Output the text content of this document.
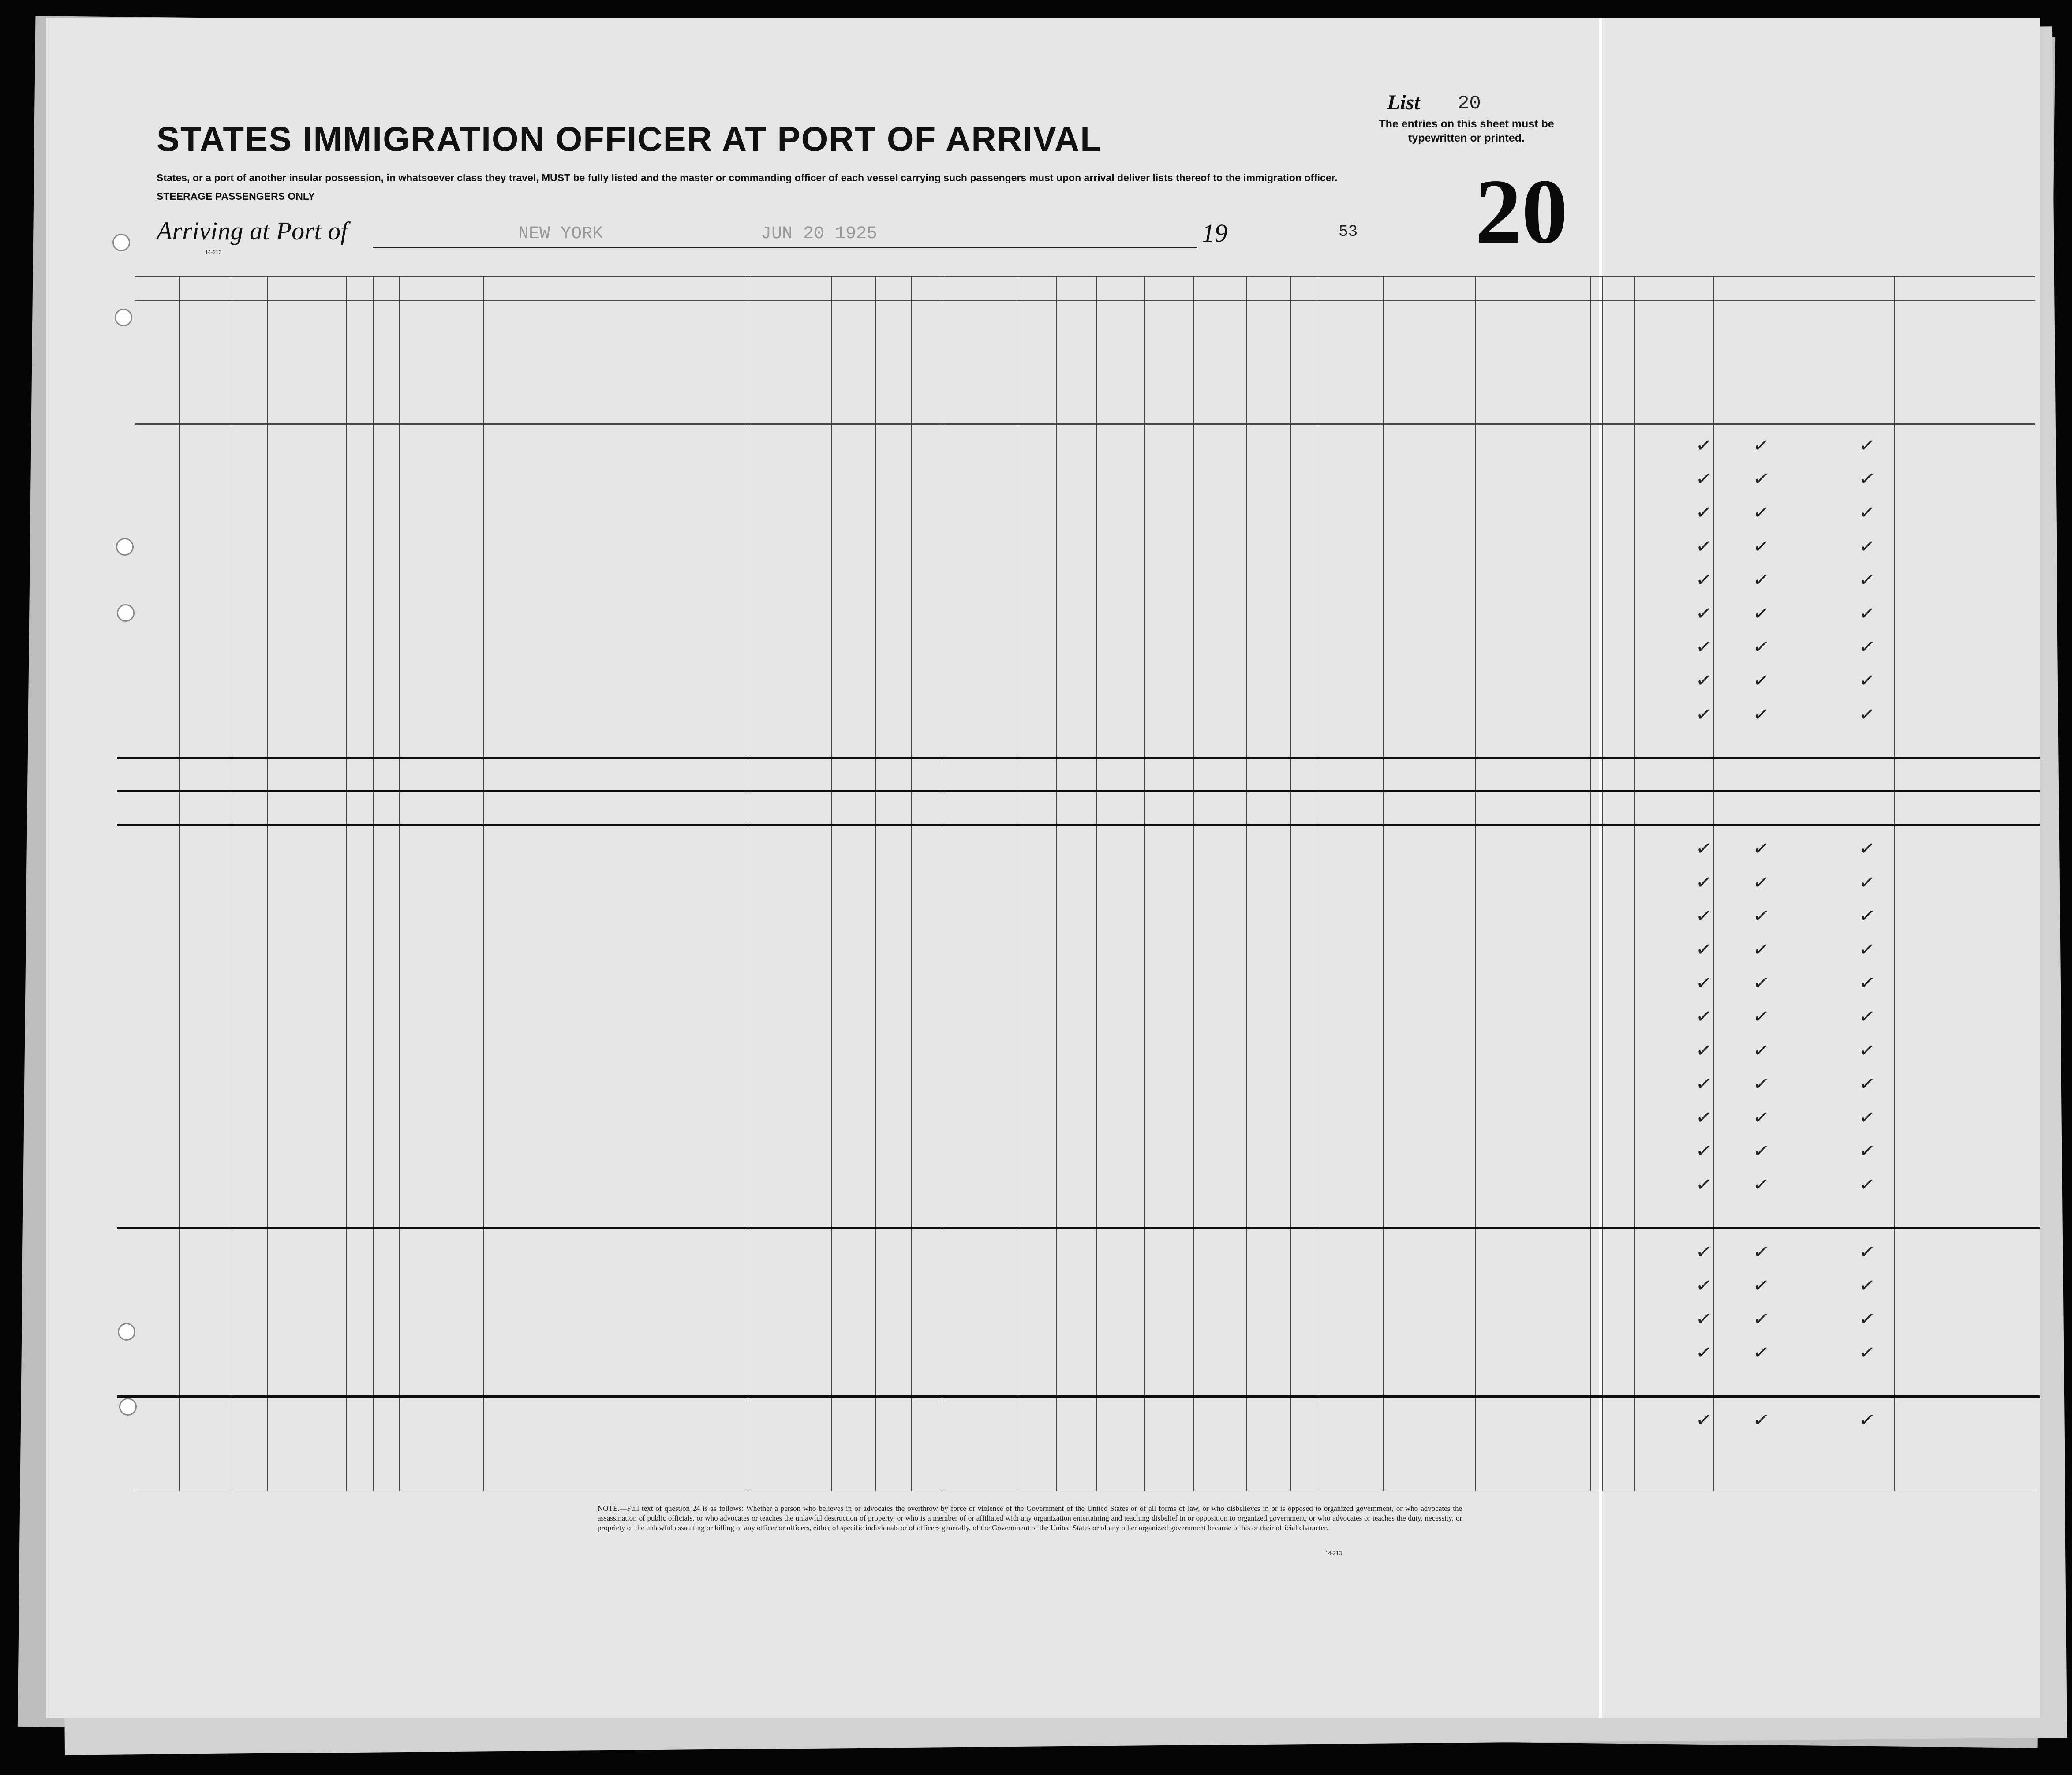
STATES IMMIGRATION OFFICER AT PORT OF ARRIVAL
List 20
The entries on this sheet must be typewritten or printed.
States, or a port of another insular possession, in whatsoever class they travel, MUST be fully listed and the master or commanding officer of each vessel carrying such passengers must upon arrival deliver lists thereof to the immigration officer.
STEERAGE PASSENGERS ONLY
Arriving at Port of	NEW YORK	JUN 20 1925	19	53 20
14-213
✓ ✓	✓
✓ ✓	✓
✓ ✓	✓
✓ ✓	✓
✓ ✓	✓
✓ ✓	✓
✓ ✓	✓
✓ ✓	✓
✓ ✓	✓
✓ ✓	✓
✓ ✓	✓
✓ ✓	✓
✓ ✓	✓
✓ ✓	✓
✓ ✓	✓
✓ ✓	✓
✓ ✓	✓
✓ ✓	✓
✓ ✓	✓
✓ ✓	✓
✓ ✓	✓
✓ ✓	✓
✓ ✓	✓
✓ ✓	✓
✓ ✓	✓
NOTE.—Full text of question 24 is as follows: Whether a person who believes in or advocates the overthrow by force or violence of the Government of the United States or of all forms of law, or who disbelieves in or is opposed to organized government, or who advocates the assassination of public officials, or who advocates or teaches the unlawful destruction of property, or who is a member of or affiliated with any organization entertaining and teaching disbelief in or opposition to organized government, or who advocates or teaches the duty, necessity, or propriety of the unlawful assaulting or killing of any officer or officers, either of specific individuals or of officers generally, of the Government of the United States or of any other organized government because of his or their official character.
14-213
